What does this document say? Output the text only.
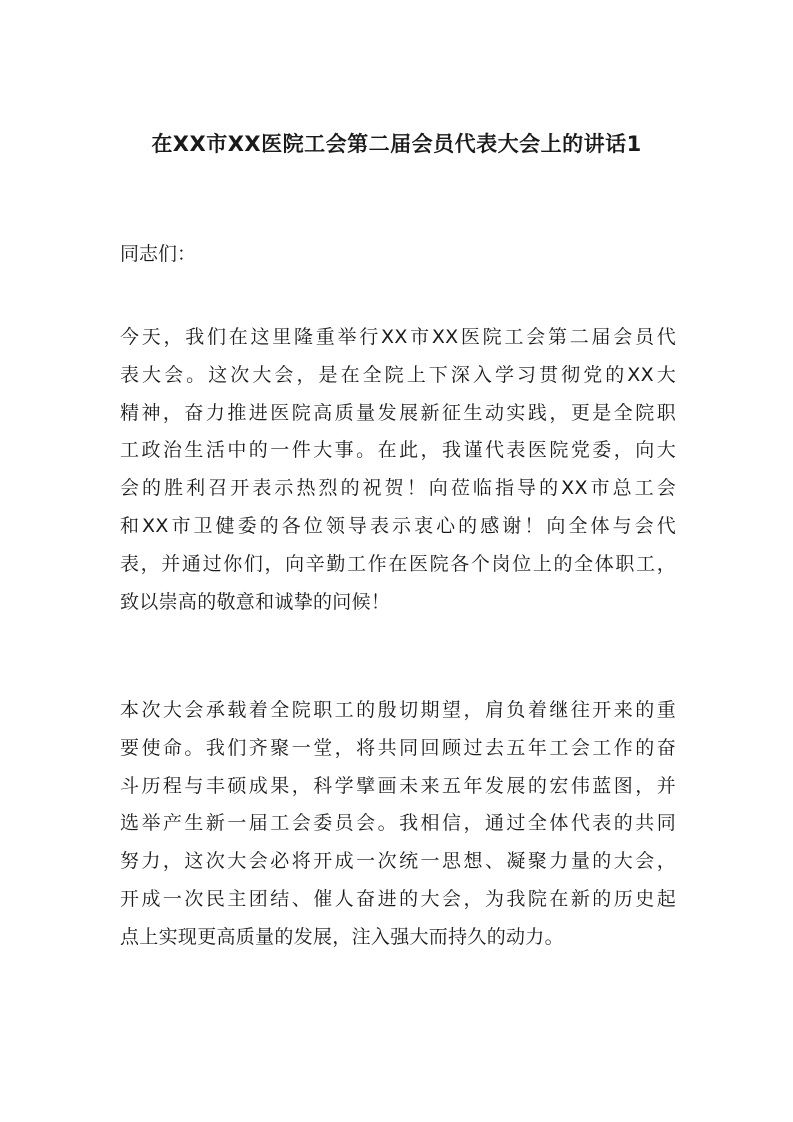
在XX市XX医院工会第二届会员代表大会上的讲话1

同志们：

今天，我们在这里隆重举行XX市XX医院工会第二届会员代
表大会。这次大会，是在全院上下深入学习贯彻党的XX大
精神，奋力推进医院高质量发展新征生动实践，更是全院职
工政治生活中的一件大事。在此，我谨代表医院党委，向大
会的胜利召开表示热烈的祝贺！向莅临指导的XX市总工会
和XX市卫健委的各位领导表示衷心的感谢！向全体与会代
表，并通过你们，向辛勤工作在医院各个岗位上的全体职工，
致以崇高的敬意和诚挚的问候！
本次大会承载着全院职工的殷切期望，肩负着继往开来的重
要使命。我们齐聚一堂，将共同回顾过去五年工会工作的奋
斗历程与丰硕成果，科学擘画未来五年发展的宏伟蓝图，并
选举产生新一届工会委员会。我相信，通过全体代表的共同
努力，这次大会必将开成一次统一思想、凝聚力量的大会，
开成一次民主团结、催人奋进的大会，为我院在新的历史起
点上实现更高质量的发展，注入强大而持久的动力。
